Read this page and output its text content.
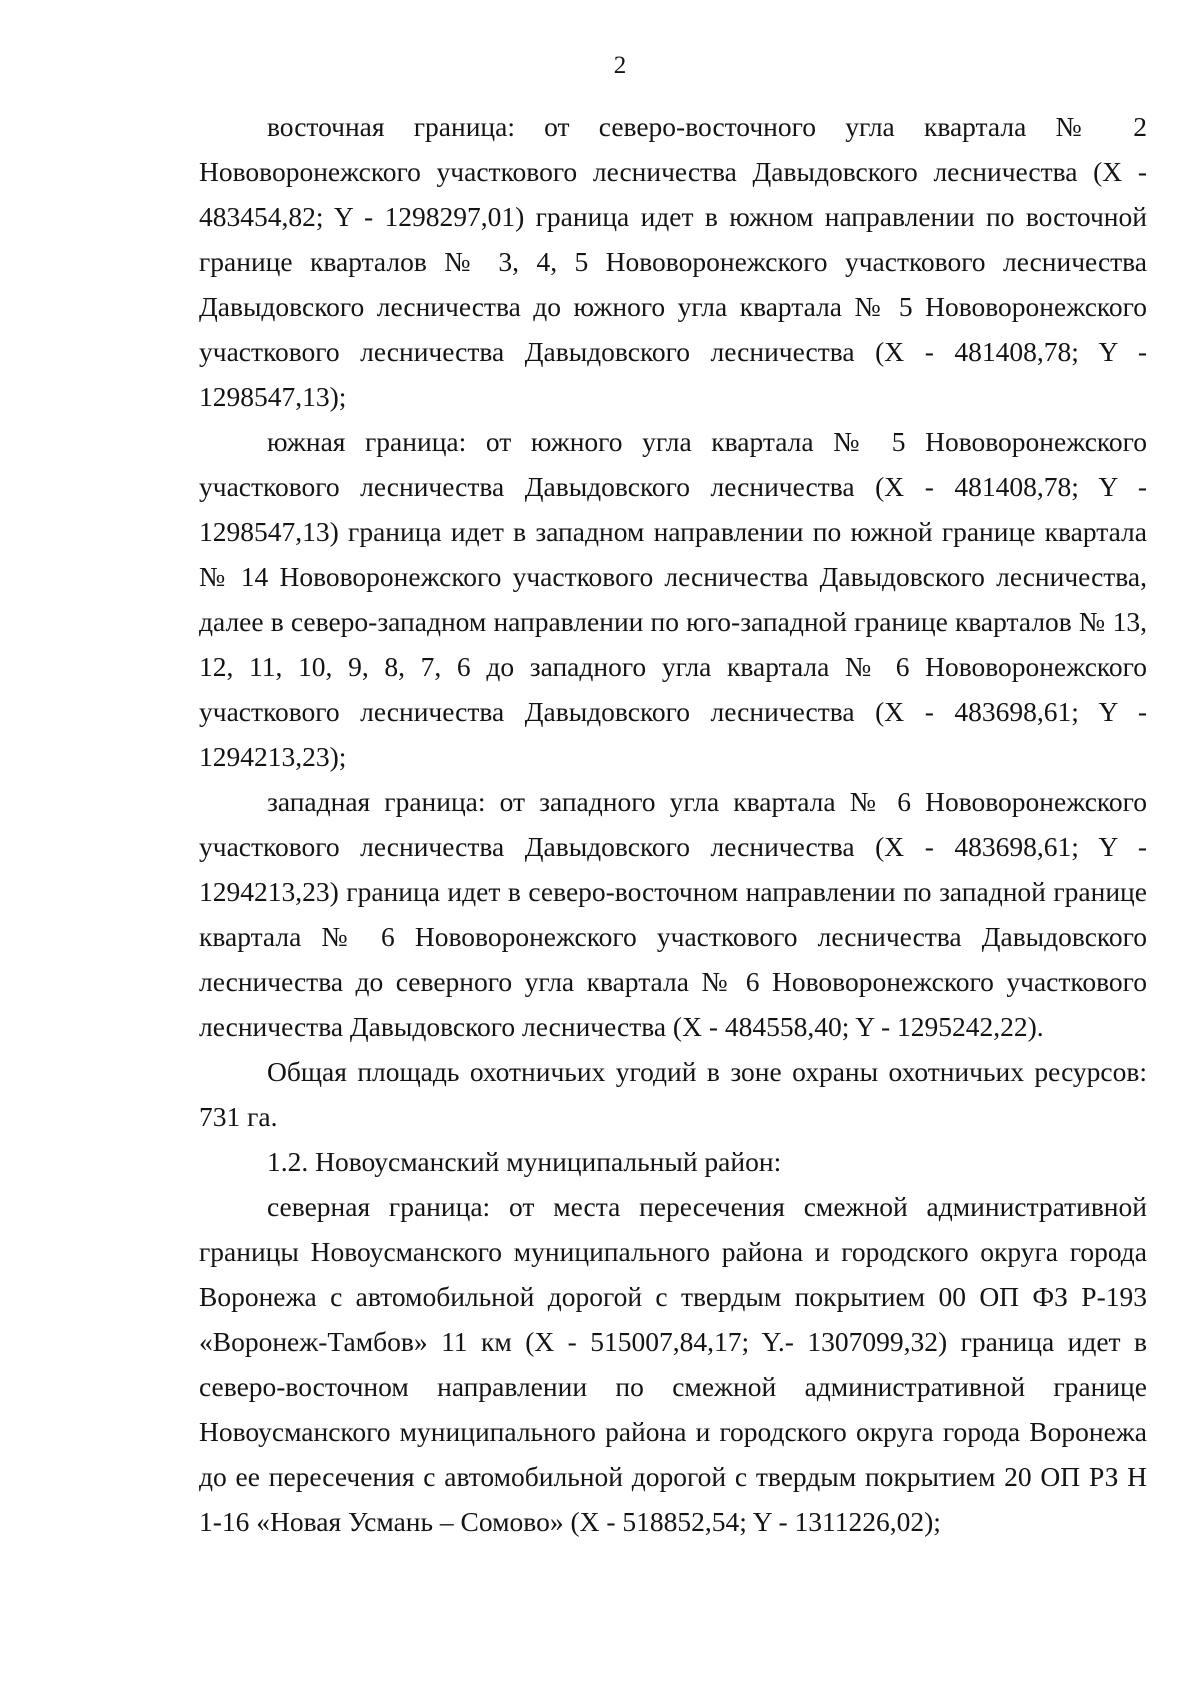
2

восточная граница: от северо-восточного угла квартала № 2 Нововоронежского участкового лесничества Давыдовского лесничества (X - 483454,82; Y - 1298297,01) граница идет в южном направлении по восточной границе кварталов № 3, 4, 5 Нововоронежского участкового лесничества Давыдовского лесничества до южного угла квартала № 5 Нововоронежского участкового лесничества Давыдовского лесничества (X - 481408,78; Y - 1298547,13);

южная граница: от южного угла квартала № 5 Нововоронежского участкового лесничества Давыдовского лесничества (X - 481408,78; Y - 1298547,13) граница идет в западном направлении по южной границе квартала № 14 Нововоронежского участкового лесничества Давыдовского лесничества, далее в северо-западном направлении по юго-западной границе кварталов № 13, 12, 11, 10, 9, 8, 7, 6 до западного угла квартала № 6 Нововоронежского участкового лесничества Давыдовского лесничества (X - 483698,61; Y - 1294213,23);

западная граница: от западного угла квартала № 6 Нововоронежского участкового лесничества Давыдовского лесничества (X - 483698,61; Y - 1294213,23) граница идет в северо-восточном направлении по западной границе квартала № 6 Нововоронежского участкового лесничества Давыдовского лесничества до северного угла квартала № 6 Нововоронежского участкового лесничества Давыдовского лесничества (X - 484558,40; Y - 1295242,22).

Общая площадь охотничьих угодий в зоне охраны охотничьих ресурсов: 731 га.

1.2. Новоусманский муниципальный район:

северная граница: от места пересечения смежной административной границы Новоусманского муниципального района и городского округа города Воронежа с автомобильной дорогой с твердым покрытием 00 ОП ФЗ Р-193 «Воронеж-Тамбов» 11 км (X - 515007,84,17; Y.- 1307099,32) граница идет в северо-восточном направлении по смежной административной границе Новоусманского муниципального района и городского округа города Воронежа до ее пересечения с автомобильной дорогой с твердым покрытием 20 ОП РЗ Н 1-16 «Новая Усмань – Сомово» (X - 518852,54; Y - 1311226,02);
